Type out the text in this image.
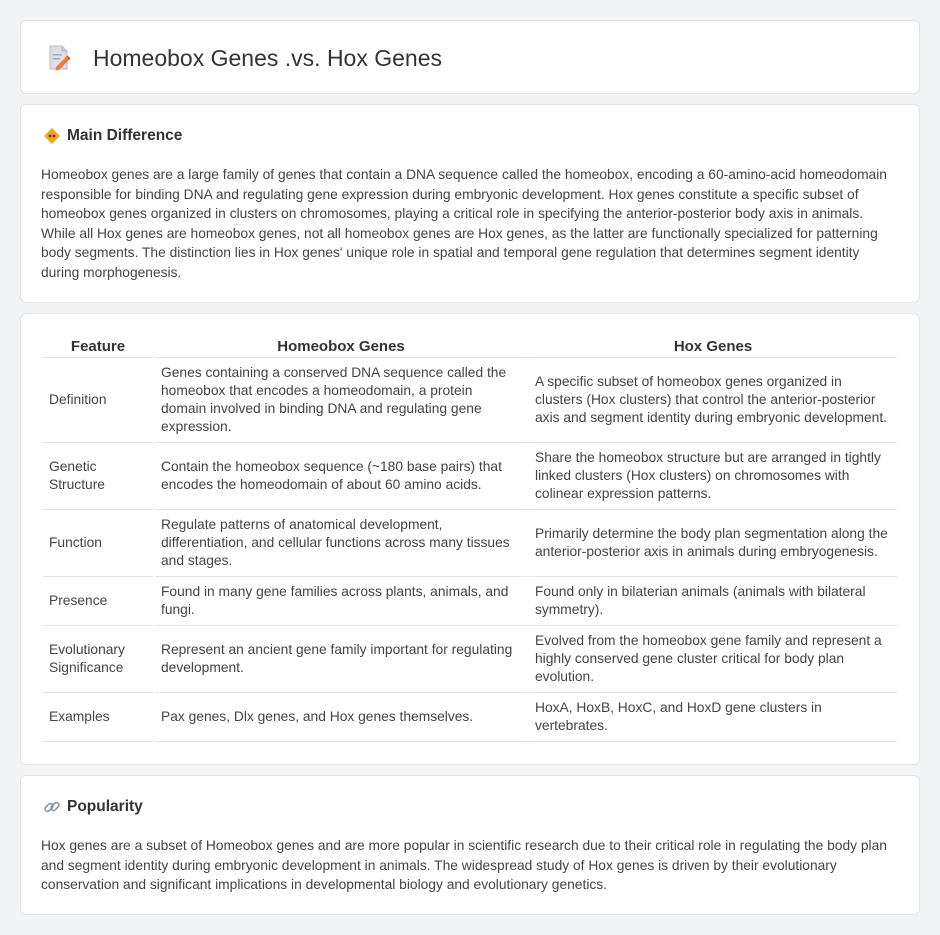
Homeobox Genes .vs. Hox Genes
Main Difference

Homeobox genes are a large family of genes that contain a DNA sequence called the homeobox, encoding a 60-amino-acid homeodomain responsible for binding DNA and regulating gene expression during embryonic development. Hox genes constitute a specific subset of homeobox genes organized in clusters on chromosomes, playing a critical role in specifying the anterior-posterior body axis in animals. While all Hox genes are homeobox genes, not all homeobox genes are Hox genes, as the latter are functionally specialized for patterning body segments. The distinction lies in Hox genes' unique role in spatial and temporal gene regulation that determines segment identity during morphogenesis.

Feature	Homeobox Genes	Hox Genes
Definition	Genes containing a conserved DNA sequence called the homeobox that encodes a homeodomain, a protein domain involved in binding DNA and regulating gene expression.	A specific subset of homeobox genes organized in clusters (Hox clusters) that control the anterior-posterior axis and segment identity during embryonic development.
Genetic Structure	Contain the homeobox sequence (~180 base pairs) that encodes the homeodomain of about 60 amino acids.	Share the homeobox structure but are arranged in tightly linked clusters (Hox clusters) on chromosomes with colinear expression patterns.
Function	Regulate patterns of anatomical development, differentiation, and cellular functions across many tissues and stages.	Primarily determine the body plan segmentation along the anterior-posterior axis in animals during embryogenesis.
Presence	Found in many gene families across plants, animals, and fungi.	Found only in bilaterian animals (animals with bilateral symmetry).
Evolutionary Significance	Represent an ancient gene family important for regulating development.	Evolved from the homeobox gene family and represent a highly conserved gene cluster critical for body plan evolution.
Examples	Pax genes, Dlx genes, and Hox genes themselves.	HoxA, HoxB, HoxC, and HoxD gene clusters in vertebrates.
Popularity

Hox genes are a subset of Homeobox genes and are more popular in scientific research due to their critical role in regulating the body plan and segment identity during embryonic development in animals. The widespread study of Hox genes is driven by their evolutionary conservation and significant implications in developmental biology and evolutionary genetics.
